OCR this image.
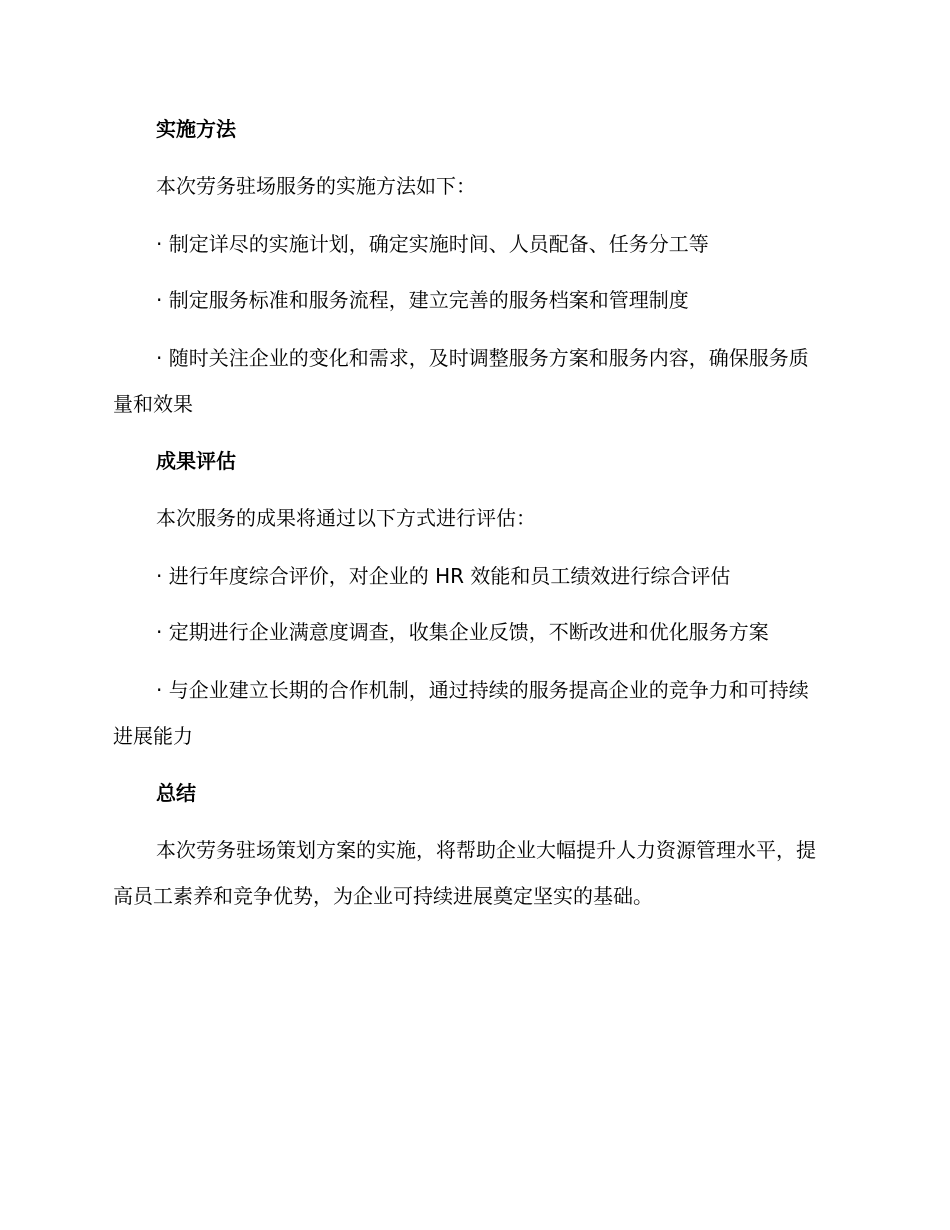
实施方法

本次劳务驻场服务的实施方法如下：

· 制定详尽的实施计划，确定实施时间、人员配备、任务分工等

· 制定服务标准和服务流程，建立完善的服务档案和管理制度

· 随时关注企业的变化和需求，及时调整服务方案和服务内容，确保服务质量和效果

成果评估

本次服务的成果将通过以下方式进行评估：

· 进行年度综合评价，对企业的 HR 效能和员工绩效进行综合评估

· 定期进行企业满意度调查，收集企业反馈，不断改进和优化服务方案

· 与企业建立长期的合作机制，通过持续的服务提高企业的竞争力和可持续进展能力

总结

本次劳务驻场策划方案的实施，将帮助企业大幅提升人力资源管理水平，提高员工素养和竞争优势，为企业可持续进展奠定坚实的基础。
